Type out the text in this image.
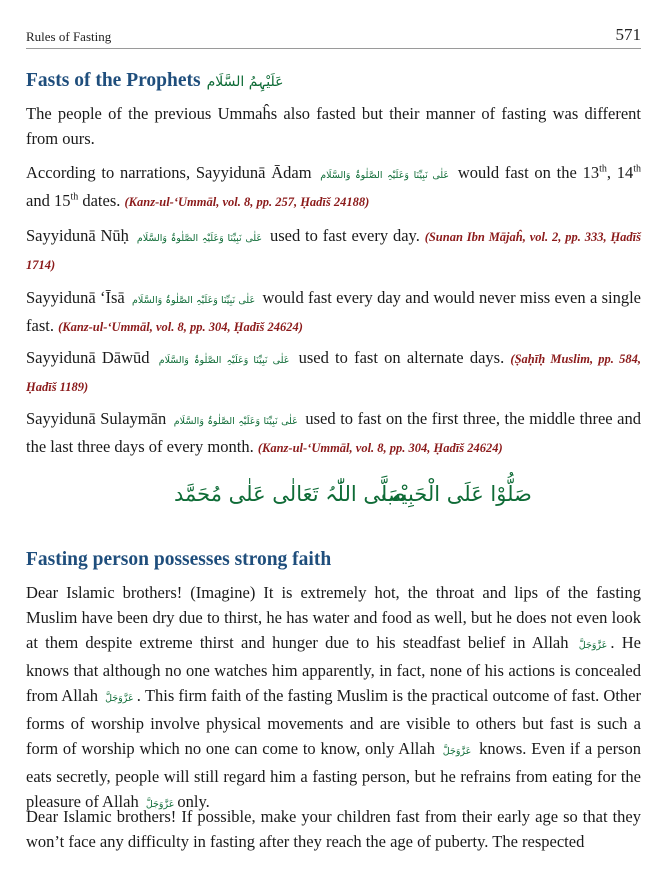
Rules of Fasting	571
Fasts of the Prophets عَلَیْہِمُ السَّلَام

The people of the previous Ummaĥs also fasted but their manner of fasting was different from ours.

According to narrations, Sayyidunā Ādam عَلٰی نَبِیِّنَا وَعَلَیْہِ الصَّلٰوۃُ وَالسَّلَام would fast on the 13th, 14th and 15th dates. (Kanz-ul-‘Ummāl, vol. 8, pp. 257, Ḥadīš 24188)

Sayyidunā Nūḥ عَلٰی نَبِیِّنَا وَعَلَیْہِ الصَّلٰوۃُ وَالسَّلَام used to fast every day. (Sunan Ibn Mājaĥ, vol. 2, pp. 333, Ḥadīš 1714)

Sayyidunā ‘Īsā عَلٰی نَبِیِّنَا وَعَلَیْہِ الصَّلٰوۃُ وَالسَّلَام would fast every day and would never miss even a single fast. (Kanz-ul-‘Ummāl, vol. 8, pp. 304, Ḥadīš 24624)

Sayyidunā Dāwūd عَلٰی نَبِیِّنَا وَعَلَیْہِ الصَّلٰوۃُ وَالسَّلَام used to fast on alternate days. (Ṣaḥīḥ Muslim, pp. 584, Ḥadīš 1189)

Sayyidunā Sulaymān عَلٰی نَبِیِّنَا وَعَلَیْہِ الصَّلٰوۃُ وَالسَّلَام used to fast on the first three, the middle three and the last three days of every month. (Kanz-ul-‘Ummāl, vol. 8, pp. 304, Ḥadīš 24624)

صَلَّی اللّٰہُ تَعَالٰی عَلٰی مُحَمَّد
صَلُّوْا عَلَی الْحَبِیْب
Fasting person possesses strong faith

Dear Islamic brothers! (Imagine) It is extremely hot, the throat and lips of the fasting Muslim have been dry due to thirst, he has water and food as well, but he does not even look at them despite extreme thirst and hunger due to his steadfast belief in Allah عَزَّوَجَلَّ . He knows that although no one watches him apparently, in fact, none of his actions is concealed from Allah عَزَّوَجَلَّ . This firm faith of the fasting Muslim is the practical outcome of fast. Other forms of worship involve physical movements and are visible to others but fast is such a form of worship which no one can come to know, only Allah عَزَّوَجَلَّ knows. Even if a person eats secretly, people will still regard him a fasting person, but he refrains from eating for the pleasure of Allah عَزَّوَجَلَّ only.

Dear Islamic brothers! If possible, make your children fast from their early age so that they won’t face any difficulty in fasting after they reach the age of puberty. The respected
